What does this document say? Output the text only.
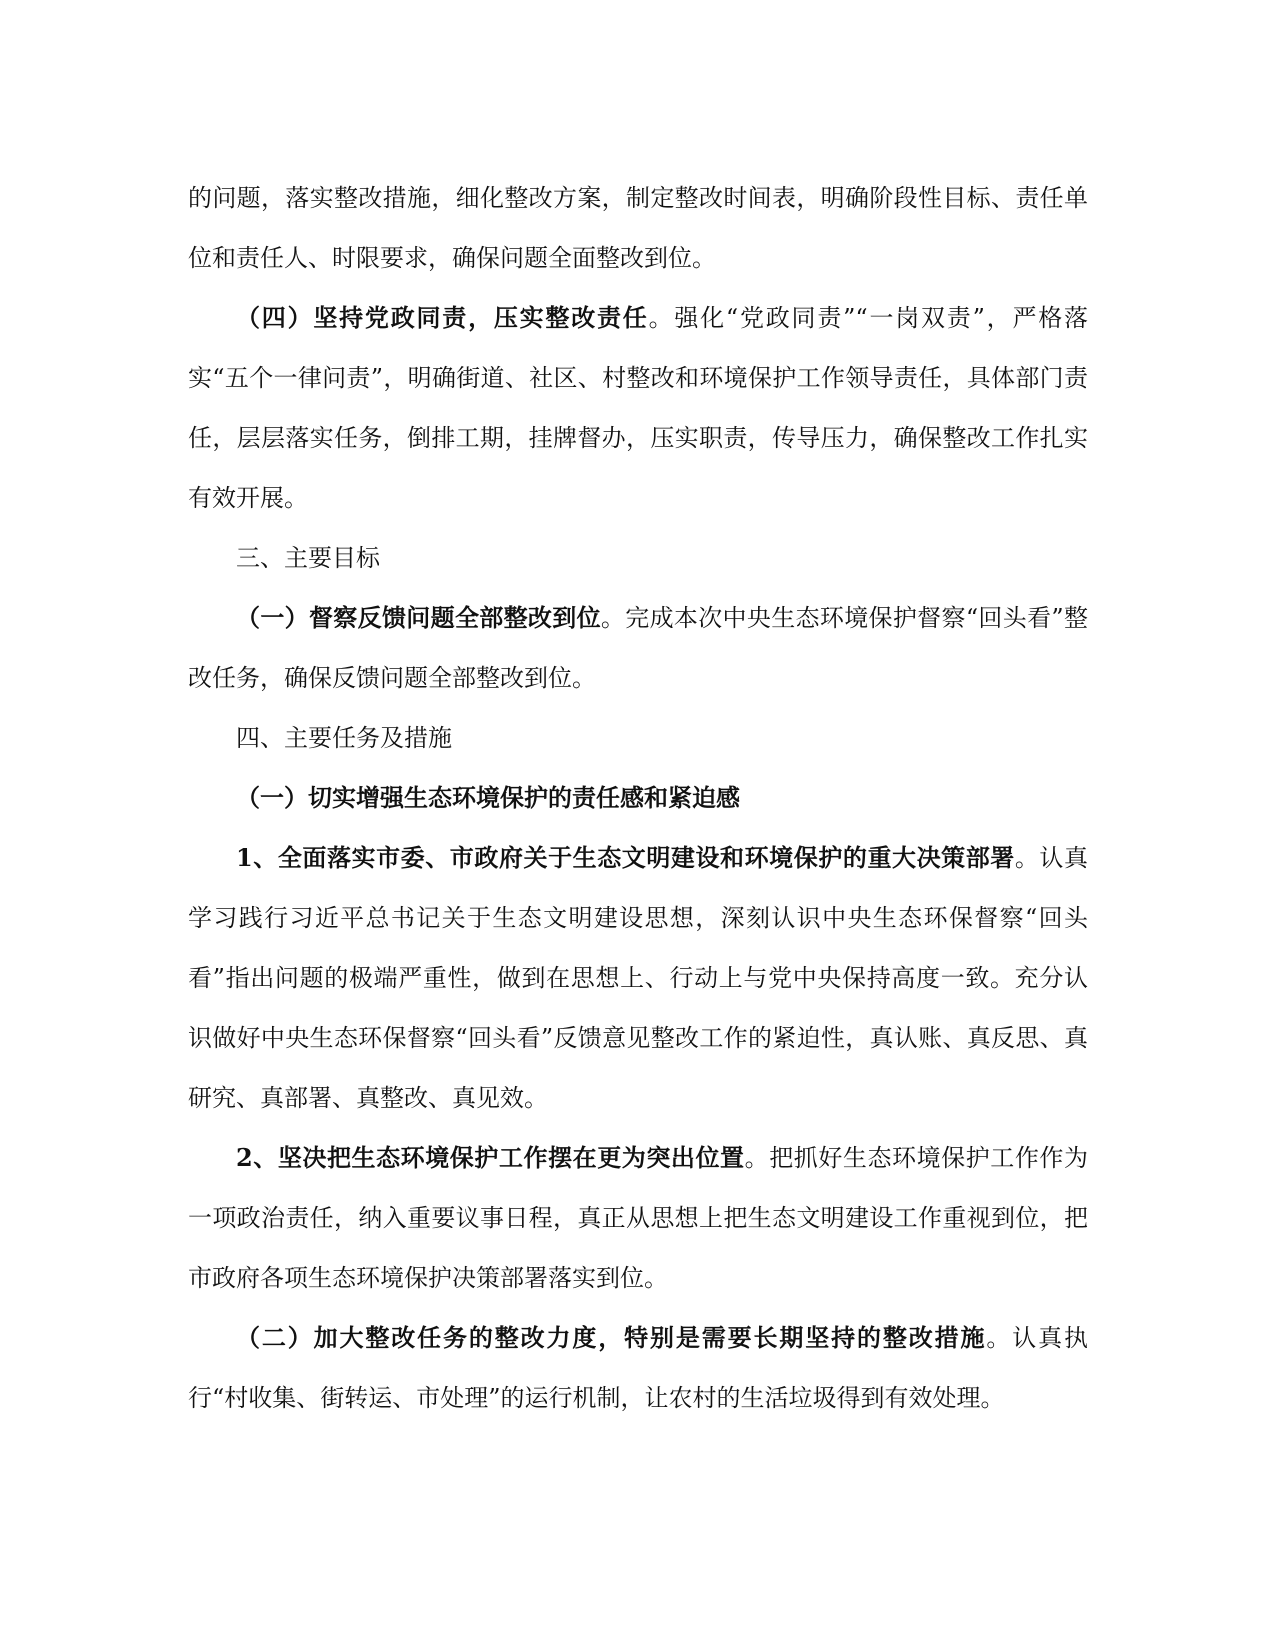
的问题，落实整改措施，细化整改方案，制定整改时间表，明确阶段性目标、责任单位和责任人、时限要求，确保问题全面整改到位。

（四）坚持党政同责，压实整改责任。强化“党政同责”“一岗双责”，严格落实“五个一律问责”，明确街道、社区、村整改和环境保护工作领导责任，具体部门责任，层层落实任务，倒排工期，挂牌督办，压实职责，传导压力，确保整改工作扎实有效开展。

三、主要目标

（一）督察反馈问题全部整改到位。完成本次中央生态环境保护督察“回头看”整改任务，确保反馈问题全部整改到位。

四、主要任务及措施

（一）切实增强生态环境保护的责任感和紧迫感

1、全面落实市委、市政府关于生态文明建设和环境保护的重大决策部署。认真学习践行习近平总书记关于生态文明建设思想，深刻认识中央生态环保督察“回头看”指出问题的极端严重性，做到在思想上、行动上与党中央保持高度一致。充分认识做好中央生态环保督察“回头看”反馈意见整改工作的紧迫性，真认账、真反思、真研究、真部署、真整改、真见效。

2、坚决把生态环境保护工作摆在更为突出位置。把抓好生态环境保护工作作为一项政治责任，纳入重要议事日程，真正从思想上把生态文明建设工作重视到位，把市政府各项生态环境保护决策部署落实到位。

（二）加大整改任务的整改力度，特别是需要长期坚持的整改措施。认真执行“村收集、街转运、市处理”的运行机制，让农村的生活垃圾得到有效处理。
